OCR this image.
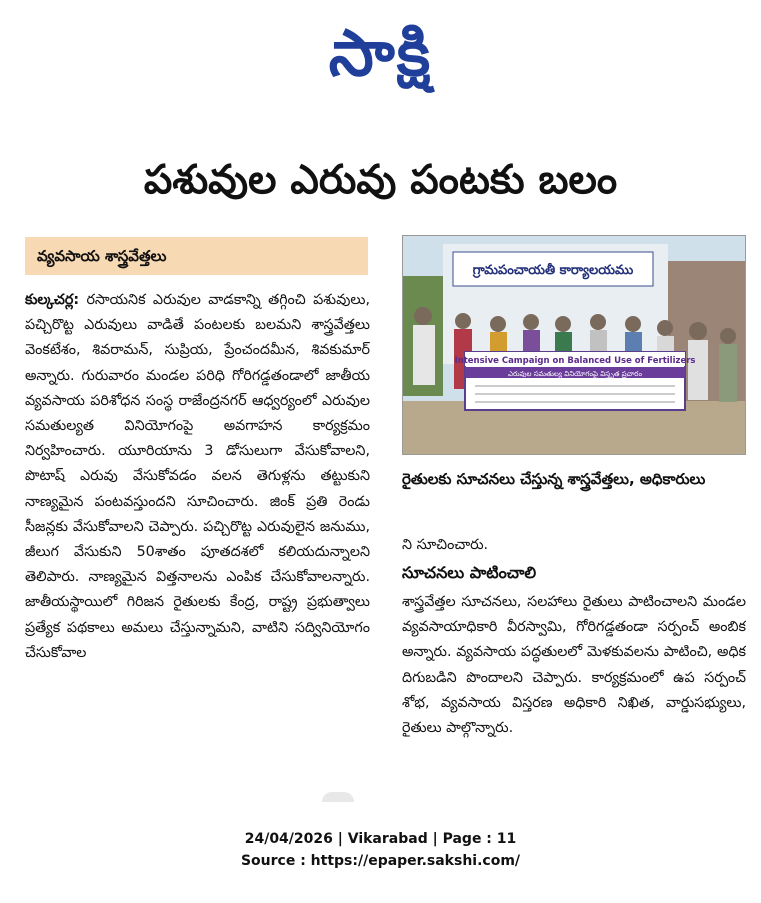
సాక్షి
పశువుల ఎరువు పంటకు బలం
వ్యవసాయ శాస్త్రవేత్తలు
కుల్కచర్ల: రసాయనిక ఎరువుల వాడకాన్ని తగ్గించి పశువులు, పచ్చిరొట్ట ఎరువులు వాడితే పంటలకు బలమని శాస్త్రవేత్తలు వెంకటేశం, శివరామన్, సుప్రియ, ప్రేంచందమీన, శివకుమార్ అన్నారు. గురువారం మండల పరిధి గోరిగడ్డతండాలో జాతీయ వ్యవసాయ పరిశోధన సంస్థ రాజేంద్రనగర్ ఆధ్వర్యంలో ఎరువుల సమతుల్యత వినియోగంపై అవగాహన కార్యక్రమం నిర్వహించారు. యూరియాను 3 డోసులుగా వేసుకోవాలని, పొటాష్ ఎరువు వేసుకోవడం వలన తెగుళ్లను తట్టుకుని నాణ్యమైన పంటవస్తుందని సూచించారు. జింక్ ప్రతి రెండు సీజన్లకు వేసుకోవాలని చెప్పారు. పచ్చిరొట్ట ఎరువులైన జనుము, జీలుగ వేసుకుని 50శాతం పూతదశలో కలియదున్నాలని తెలిపారు. నాణ్యమైన విత్తనాలను ఎంపిక చేసుకోవాలన్నారు. జాతీయస్థాయిలో గిరిజన రైతులకు కేంద్ర, రాష్ట్ర ప్రభుత్వాలు ప్రత్యేక పథకాలు అమలు చేస్తున్నామని, వాటిని సద్వినియోగం చేసుకోవాల
గ్రామపంచాయతీ కార్యాలయము
Intensive Campaign on Balanced Use of Fertilizers
ఎరువుల సమతుల్య వినియోగంపై విస్తృత ప్రచారం
రైతులకు సూచనలు చేస్తున్న శాస్త్రవేత్తలు, అధికారులు
ని సూచించారు.
సూచనలు పాటించాలి
శాస్త్రవేత్తల సూచనలు, సలహాలు రైతులు పాటించాలని మండల వ్యవసాయాధికారి వీరస్వామి, గోరిగడ్డతండా సర్పంచ్ అంబిక అన్నారు. వ్యవసాయ పద్ధతులలో మెళకువలను పాటించి, అధిక దిగుబడిని పొందాలని చెప్పారు. కార్యక్రమంలో ఉప సర్పంచ్ శోభ, వ్యవసాయ విస్తరణ అధికారి నిఖిత, వార్డుసభ్యులు, రైతులు పాల్గొన్నారు.
24/04/2026 | Vikarabad | Page : 11
Source : https://epaper.sakshi.com/
